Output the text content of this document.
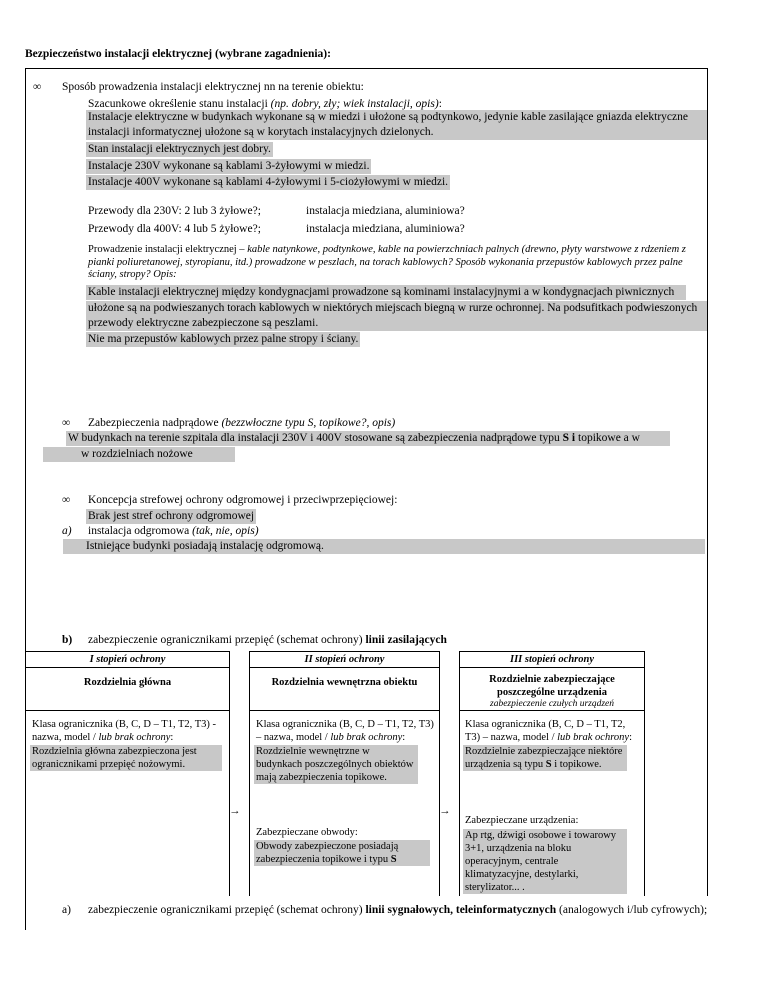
Bezpieczeństwo instalacji elektrycznej (wybrane zagadnienia):
∞ Sposób prowadzenia instalacji elektrycznej nn na terenie obiektu:
Szacunkowe określenie stanu instalacji (np. dobry, zły; wiek instalacji, opis):
Instalacje elektryczne w budynkach wykonane są w miedzi i ułożone są podtynkowo, jedynie kable zasilające gniazda elektryczne instalacji informatycznej ułożone są w korytach instalacyjnych dzielonych.
Stan instalacji elektrycznych jest dobry.
Instalacje 230V wykonane są kablami 3-żyłowymi w miedzi.
Instalacje 400V wykonane są kablami 4-żyłowymi i 5-ciożyłowymi w miedzi.
Przewody dla 230V: 2 lub 3 żyłowe?;	instalacja miedziana, aluminiowa?
Przewody dla 400V: 4 lub 5 żyłowe?;	instalacja miedziana, aluminiowa?
Prowadzenie instalacji elektrycznej – kable natynkowe, podtynkowe, kable na powierzchniach palnych (drewno, płyty warstwowe z rdzeniem z pianki poliuretanowej, styropianu, itd.) prowadzone w peszlach, na torach kablowych? Sposób wykonania przepustów kablowych przez palne ściany, stropy? Opis:
Kable instalacji elektrycznej między kondygnacjami prowadzone są kominami instalacyjnymi a w kondygnacjach piwnicznych
ułożone są na podwieszanych torach kablowych w niektórych miejscach biegną w rurze ochronnej. Na podsufitkach podwieszonych przewody elektryczne zabezpieczone są peszlami.
Nie ma przepustów kablowych przez palne stropy i ściany.
∞ Zabezpieczenia nadprądowe (bezzwłoczne typu S, topikowe?, opis)
W budynkach na terenie szpitala dla instalacji 230V i 400V stosowane są zabezpieczenia nadprądowe typu S i topikowe a w
w rozdzielniach nożowe
∞ Koncepcja strefowej ochrony odgromowej i przeciwprzepięciowej:
Brak jest stref ochrony odgromowej
a) instalacja odgromowa (tak, nie, opis)
Istniejące budynki posiadają instalację odgromową.
b) zabezpieczenie ogranicznikami przepięć (schemat ochrony) linii zasilających
I stopień ochrony
Rozdzielnia główna
Klasa ogranicznika (B, C, D – T1, T2, T3) - nazwa, model / lub brak ochrony:
Rozdzielnia główna zabezpieczona jest ogranicznikami przepięć nożowymi.
→
II stopień ochrony
Rozdzielnia wewnętrzna obiektu
Klasa ogranicznika (B, C, D – T1, T2, T3) – nazwa, model / lub brak ochrony:
Rozdzielnie wewnętrzne w budynkach poszczególnych obiektów mają zabezpieczenia topikowe.
Zabezpieczane obwody:
Obwody zabezpieczone posiadają zabezpieczenia topikowe i typu S
→
III stopień ochrony
Rozdzielnie zabezpieczające poszczególne urządzenia
zabezpieczenie czułych urządzeń
Klasa ogranicznika (B, C, D – T1, T2, T3) – nazwa, model / lub brak ochrony:
Rozdzielnie zabezpieczające niektóre urządzenia są typu S i topikowe.
Zabezpieczane urządzenia:
Ap rtg, dźwigi osobowe i towarowy 3+1, urządzenia na bloku operacyjnym, centrale klimatyzacyjne, destylarki, sterylizator... .
a) zabezpieczenie ogranicznikami przepięć (schemat ochrony) linii sygnałowych, teleinformatycznych (analogowych i/lub cyfrowych);
